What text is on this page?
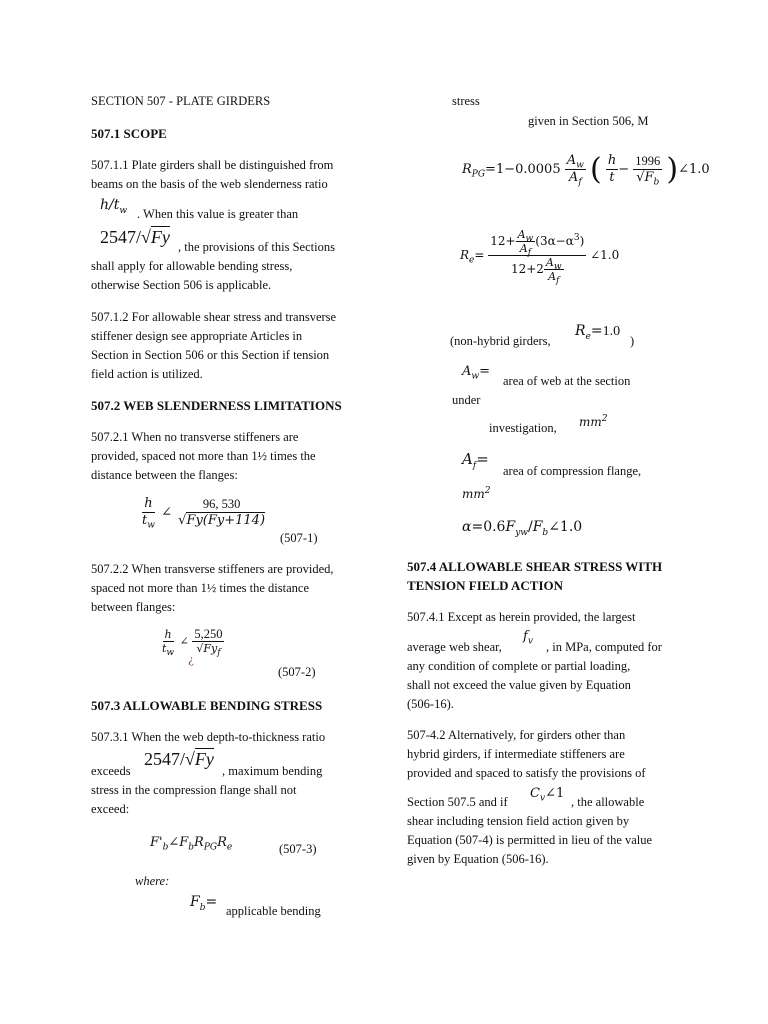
SECTION 507 - PLATE GIRDERS
507.1 SCOPE
507.1.1 Plate girders shall be distinguished from
beams on the basis of the web slenderness ratio
$h/t_w$ . When this value is greater than
2547/√Fy , the provisions of this Sections
shall apply for allowable bending stress,
otherwise Section 506 is applicable.
507.1.2 For allowable shear stress and transverse
stiffener design see appropriate Articles in
Section in Section 506 or this Section if tension
field action is utilized.
507.2 WEB SLENDERNESS LIMITATIONS
507.2.1 When no transverse stiffeners are
provided, spaced not more than 1½ times the
distance between the flanges:
$\frac{h}{t_w}$ ∠ $\frac{96, 530}{√Fy(Fy+114)}$
(507-1)
507.2.2 When transverse stiffeners are provided,
spaced not more than 1½ times the distance
between flanges:
$\frac{h}{t_w}$ ∠ $\frac{5,250}{√Fy_f}$
¿
(507-2)
507.3 ALLOWABLE BENDING STRESS
507.3.1 When the web depth-to-thickness ratio
exceeds
2547/√Fy
, maximum bending
stress in the compression flange shall not
exceed:
$F'_b\angle F_bR_{PG}R_e$	(507-3)
where:
$F_b=$
applicable bending
stress
given in Section 506, M
$R_{PG}=1-0.0005 \frac{A_w}{A_f}$ ( $\frac{h}{t} - \frac{1996}{√F_b}$ )∠1.0
$R_e= \frac{12+ \frac{A_w}{A_f} (3\alpha-\alpha^3)}{12+2 \frac{A_w}{A_f}}$ ∠1.0
(non-hybrid girders,
$R_e=1.0$
)
$A_w=$
area of web at the section
under
investigation, $mm^2$
$A_f=$
area of compression flange,
$mm^2$
$\alpha=0.6F_{yw}/F_b\angle 1.0$
507.4 ALLOWABLE SHEAR STRESS WITH
TENSION FIELD ACTION
507.4.1 Except as herein provided, the largest
average web shear,
$f_v$ , in MPa, computed for
any condition of complete or partial loading,
shall not exceed the value given by Equation
(506-16).
507-4.2 Alternatively, for girders other than
hybrid girders, if intermediate stiffeners are
provided and spaced to satisfy the provisions of
Section 507.5 and if
$C_v\angle 1$
, the allowable
shear including tension field action given by
Equation (507-4) is permitted in lieu of the value
given by Equation (506-16).
